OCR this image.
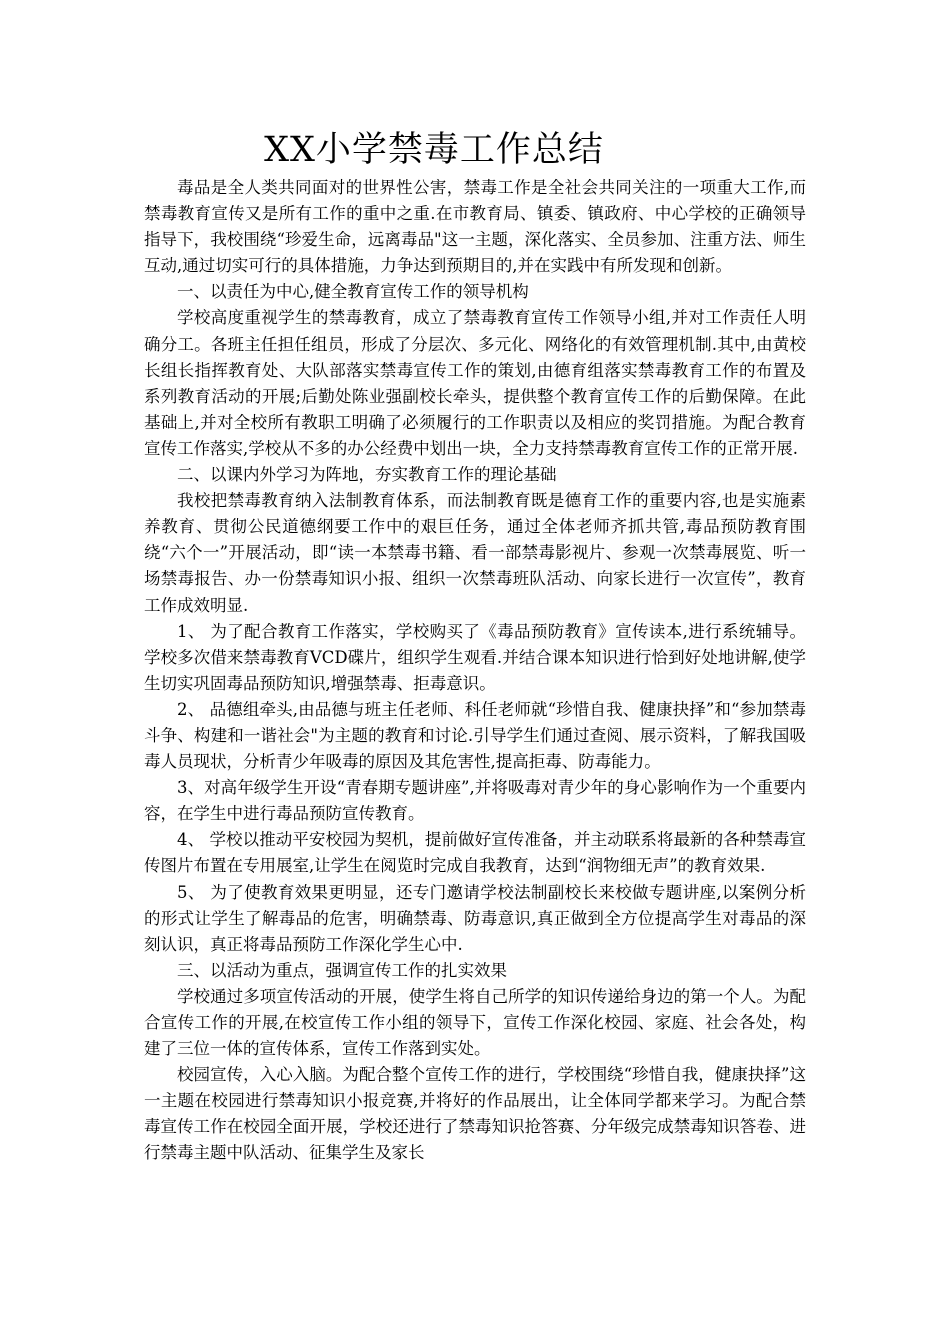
XX小学禁毒工作总结

毒品是全人类共同面对的世界性公害，禁毒工作是全社会共同关注的一项重大工作,而禁毒教育宣传又是所有工作的重中之重.在市教育局、镇委、镇政府、中心学校的正确领导指导下，我校围绕“珍爱生命，远离毒品"这一主题，深化落实、全员参加、注重方法、师生互动,通过切实可行的具体措施，力争达到预期目的,并在实践中有所发现和创新。

一、以责任为中心,健全教育宣传工作的领导机构

学校高度重视学生的禁毒教育，成立了禁毒教育宣传工作领导小组,并对工作责任人明确分工。各班主任担任组员，形成了分层次、多元化、网络化的有效管理机制.其中,由黄校长组长指挥教育处、大队部落实禁毒宣传工作的策划,由德育组落实禁毒教育工作的布置及系列教育活动的开展;后勤处陈业强副校长牵头，提供整个教育宣传工作的后勤保障。在此基础上,并对全校所有教职工明确了必须履行的工作职责以及相应的奖罚措施。为配合教育宣传工作落实,学校从不多的办公经费中划出一块，全力支持禁毒教育宣传工作的正常开展.

二、以课内外学习为阵地，夯实教育工作的理论基础

我校把禁毒教育纳入法制教育体系，而法制教育既是德育工作的重要内容,也是实施素养教育、贯彻公民道德纲要工作中的艰巨任务，通过全体老师齐抓共管,毒品预防教育围绕“六个一”开展活动，即“读一本禁毒书籍、看一部禁毒影视片、参观一次禁毒展览、听一场禁毒报告、办一份禁毒知识小报、组织一次禁毒班队活动、向家长进行一次宣传”，教育工作成效明显.

1、 为了配合教育工作落实，学校购买了《毒品预防教育》宣传读本,进行系统辅导。学校多次借来禁毒教育VCD碟片，组织学生观看.并结合课本知识进行恰到好处地讲解,使学生切实巩固毒品预防知识,增强禁毒、拒毒意识。

2、 品德组牵头,由品德与班主任老师、科任老师就“珍惜自我、健康抉择”和“参加禁毒斗争、构建和一谐社会"为主题的教育和讨论.引导学生们通过查阅、展示资料，了解我国吸毒人员现状，分析青少年吸毒的原因及其危害性,提高拒毒、防毒能力。

3、对高年级学生开设“青春期专题讲座”,并将吸毒对青少年的身心影响作为一个重要内容，在学生中进行毒品预防宣传教育。

4、 学校以推动平安校园为契机，提前做好宣传准备，并主动联系将最新的各种禁毒宣传图片布置在专用展室,让学生在阅览时完成自我教育，达到“润物细无声”的教育效果.

5、 为了使教育效果更明显，还专门邀请学校法制副校长来校做专题讲座,以案例分析的形式让学生了解毒品的危害，明确禁毒、防毒意识,真正做到全方位提高学生对毒品的深刻认识，真正将毒品预防工作深化学生心中.

三、以活动为重点，强调宣传工作的扎实效果

学校通过多项宣传活动的开展，使学生将自己所学的知识传递给身边的第一个人。为配合宣传工作的开展,在校宣传工作小组的领导下，宣传工作深化校园、家庭、社会各处，构建了三位一体的宣传体系，宣传工作落到实处。

校园宣传，入心入脑。为配合整个宣传工作的进行，学校围绕“珍惜自我，健康抉择”这一主题在校园进行禁毒知识小报竞赛,并将好的作品展出，让全体同学都来学习。为配合禁毒宣传工作在校园全面开展，学校还进行了禁毒知识抢答赛、分年级完成禁毒知识答卷、进行禁毒主题中队活动、征集学生及家长
